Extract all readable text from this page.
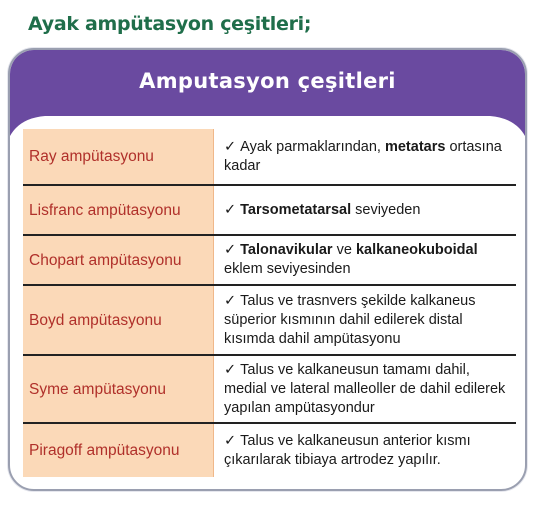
Ayak ampütasyon çeşitleri;
Amputasyon çeşitleri
Ray ampütasyonu	✓ Ayak parmaklarından, metatars ortasına kadar
Lisfranc ampütasyonu	✓ Tarsometatarsal seviyeden
Chopart ampütasyonu	✓ Talonavikular ve kalkaneokuboidal eklem seviyesinden
Boyd ampütasyonu	✓ Talus ve trasnvers şekilde kalkaneus süperior kısmının dahil edilerek distal kısımda dahil ampütasyonu
Syme ampütasyonu	✓ Talus ve kalkaneusun tamamı dahil, medial ve lateral malleoller de dahil edilerek yapılan ampütasyondur
Piragoff ampütasyonu	✓ Talus ve kalkaneusun anterior kısmı çıkarılarak tibiaya artrodez yapılır.
